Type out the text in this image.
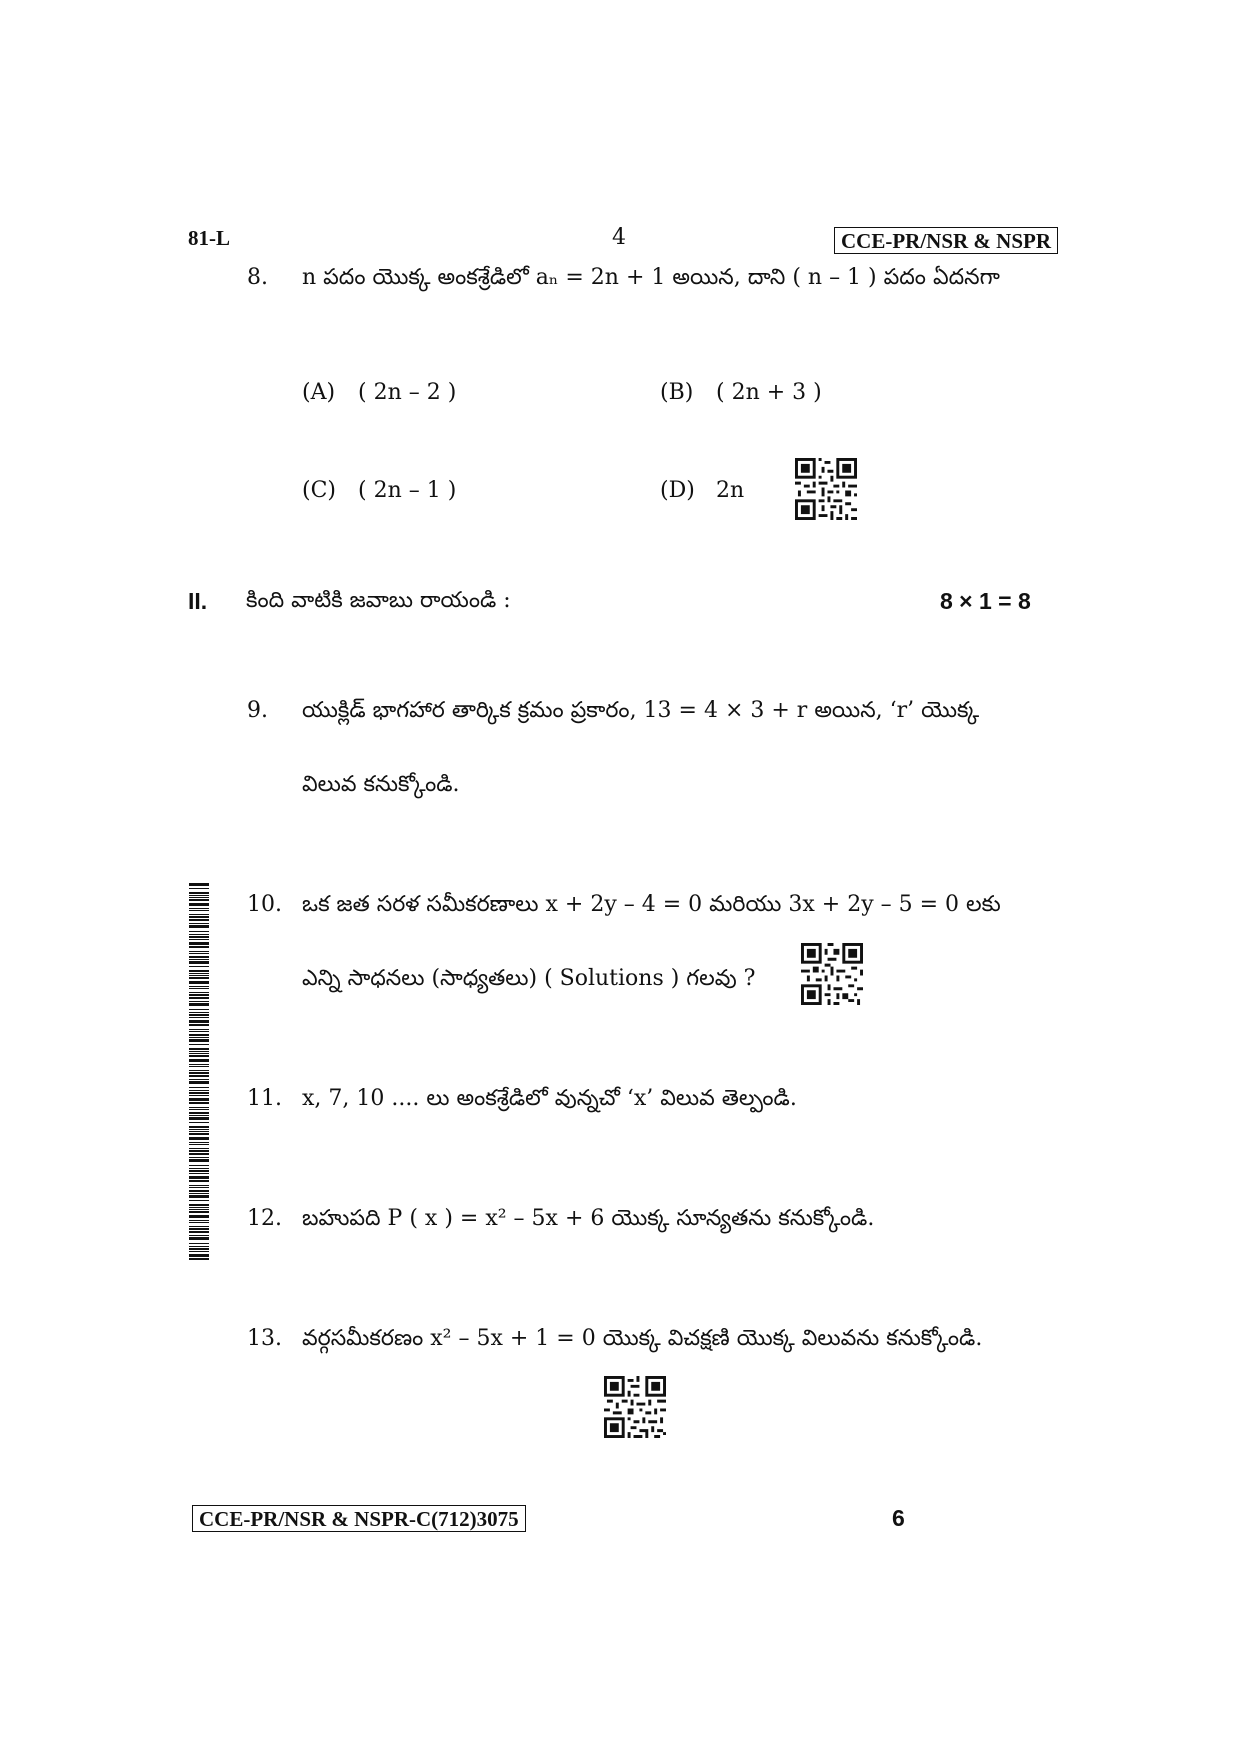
81-L	4	CCE-PR/NSR & NSPR
8. n పదం యొక్క అంకశ్రేడిలో aₙ = 2n + 1 అయిన, దాని ( n – 1 ) పదం ఏదనగా
(A) ( 2n – 2 )	(B) ( 2n + 3 )
(C) ( 2n – 1 )	(D) 2n
II. కింది వాటికి జవాబు రాయండి :	8 × 1 = 8
9. యుక్లిడ్ భాగహార తార్కిక క్రమం ప్రకారం, 13 = 4 × 3 + r అయిన, ‘r’ యొక్క
విలువ కనుక్కోండి.
10. ఒక జత సరళ సమీకరణాలు x + 2y – 4 = 0 మరియు 3x + 2y – 5 = 0 లకు
ఎన్ని సాధనలు (సాధ్యతలు) ( Solutions ) గలవు ?
11. x, 7, 10 .... లు అంకశ్రేడిలో వున్నచో ‘x’ విలువ తెల్పండి.
12. బహుపది P ( x ) = x² – 5x + 6 యొక్క సూన్యతను కనుక్కోండి.
13. వర్గసమీకరణం x² – 5x + 1 = 0 యొక్క విచక్షణి యొక్క విలువను కనుక్కోండి.
CCE-PR/NSR & NSPR-C(712)3075	6
